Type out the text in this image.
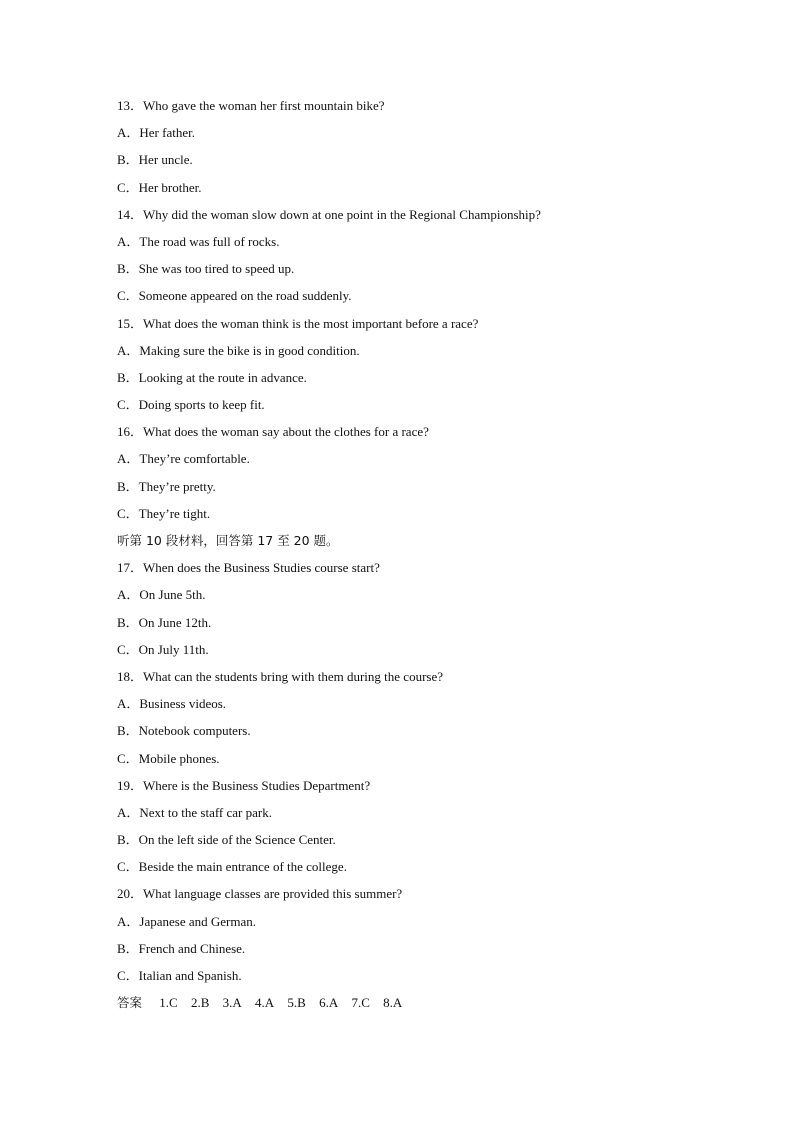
13．Who gave the woman her first mountain bike?
A．Her father.
B．Her uncle.
C．Her brother.
14．Why did the woman slow down at one point in the Regional Championship?
A．The road was full of rocks.
B．She was too tired to speed up.
C．Someone appeared on the road suddenly.
15．What does the woman think is the most important before a race?
A．Making sure the bike is in good condition.
B．Looking at the route in advance.
C．Doing sports to keep fit.
16．What does the woman say about the clothes for a race?
A．They’re comfortable.
B．They’re pretty.
C．They’re tight.
听第 10 段材料，回答第 17 至 20 题。
17．When does the Business Studies course start?
A．On June 5th.
B．On June 12th.
C．On July 11th.
18．What can the students bring with them during the course?
A．Business videos.
B．Notebook computers.
C．Mobile phones.
19．Where is the Business Studies Department?
A．Next to the staff car park.
B．On the left side of the Science Center.
C．Beside the main entrance of the college.
20．What language classes are provided this summer?
A．Japanese and German.
B．French and Chinese.
C．Italian and Spanish.
答案 1.C 2.B 3.A 4.A 5.B 6.A 7.C 8.A
